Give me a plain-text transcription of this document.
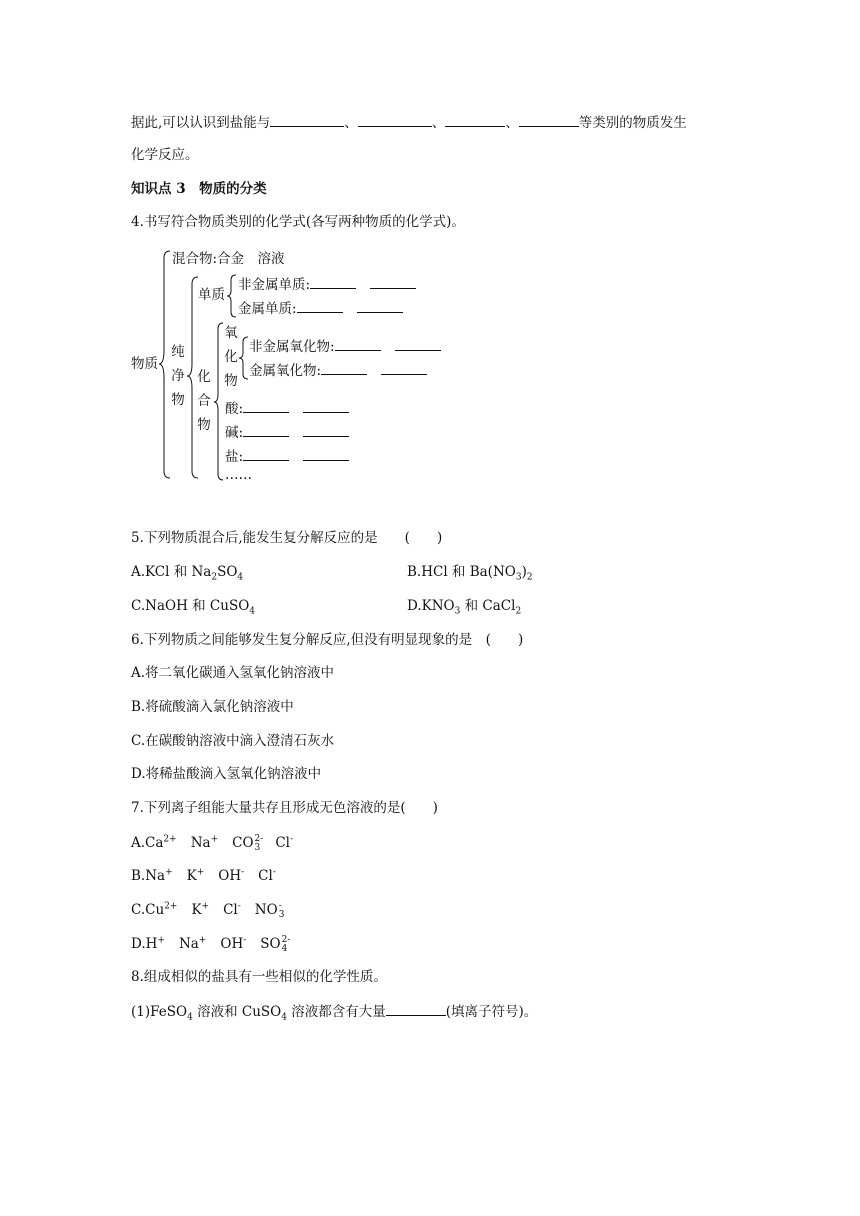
据此,可以认识到盐能与	、	、	、	等类别的物质发生
化学反应。
知识点 3　物质的分类
4.书写符合物质类别的化学式(各写两种物质的化学式)。
物质
混合物:合金　溶液
纯
净
物
单质
非金属单质:
金属单质:
化
合
物
氧
化
物
非金属氧化物:
金属氧化物:
酸:
碱:
盐:
……
5.下列物质混合后,能发生复分解反应的是　　(　　)
A.KCl 和 $Na_2SO_4$	B.HCl 和 $Ba(NO_3)_2$
C.NaOH 和 CuSO$_4$	$D.KNO_3$ 和 CaCl$_2$
6.下列物质之间能够发生复分解反应,但没有明显现象的是　(　　)
A.将二氧化碳通入氢氧化钠溶液中
B.将硫酸滴入氯化钠溶液中
C.在碳酸钠溶液中滴入澄清石灰水
D.将稀盐酸滴入氢氧化钠溶液中
7.下列离子组能大量共存且形成无色溶液的是(　　)
$A.Ca^{2+}$ Na+ CO 2-
3 Cl-
B.Na+ K+ OH- Cl-
$C.Cu^{2+}$ K+ Cl- NO -
3
D.H+ Na+ OH- SO 2-
4
8.组成相似的盐具有一些相似的化学性质。
(1)FeSO$_4$ 溶液和 CuSO$_4$ 溶液都含有大量	(填离子符号)。
